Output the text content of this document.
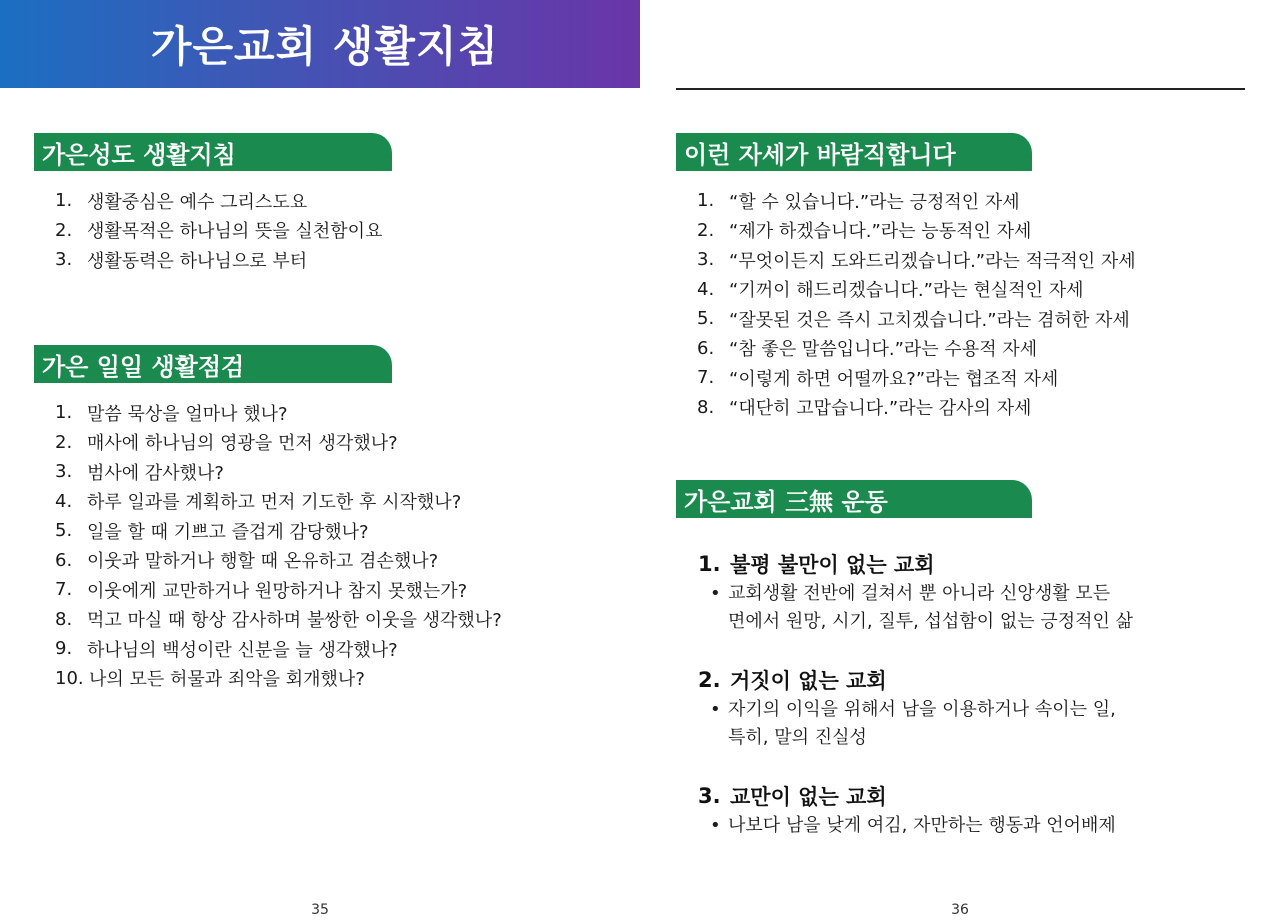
가은교회 생활지침
가은성도 생활지침
1. 생활중심은 예수 그리스도요
2. 생활목적은 하나님의 뜻을 실천함이요
3. 생활동력은 하나님으로 부터
가은 일일 생활점검
1. 말씀 묵상을 얼마나 했나?
2. 매사에 하나님의 영광을 먼저 생각했나?
3. 범사에 감사했나?
4. 하루 일과를 계획하고 먼저 기도한 후 시작했나?
5. 일을 할 때 기쁘고 즐겁게 감당했나?
6. 이웃과 말하거나 행할 때 온유하고 겸손했나?
7. 이웃에게 교만하거나 원망하거나 참지 못했는가?
8. 먹고 마실 때 항상 감사하며 불쌍한 이웃을 생각했나?
9. 하나님의 백성이란 신분을 늘 생각했나?
10. 나의 모든 허물과 죄악을 회개했나?
35
이런 자세가 바람직합니다
1. “할 수 있습니다.”라는 긍정적인 자세
2. “제가 하겠습니다.”라는 능동적인 자세
3. “무엇이든지 도와드리겠습니다.”라는 적극적인 자세
4. “기꺼이 해드리겠습니다.”라는 현실적인 자세
5. “잘못된 것은 즉시 고치겠습니다.”라는 겸허한 자세
6. “참 좋은 말씀입니다.”라는 수용적 자세
7. “이렇게 하면 어떨까요?”라는 협조적 자세
8. “대단히 고맙습니다.”라는 감사의 자세
가은교회 三無 운동
1. 불평 불만이 없는 교회
• 교회생활 전반에 걸쳐서 뿐 아니라 신앙생활 모든
면에서 원망, 시기, 질투, 섭섭함이 없는 긍정적인 삶
2. 거짓이 없는 교회
• 자기의 이익을 위해서 남을 이용하거나 속이는 일,
특히, 말의 진실성
3. 교만이 없는 교회
• 나보다 남을 낮게 여김, 자만하는 행동과 언어배제
36
